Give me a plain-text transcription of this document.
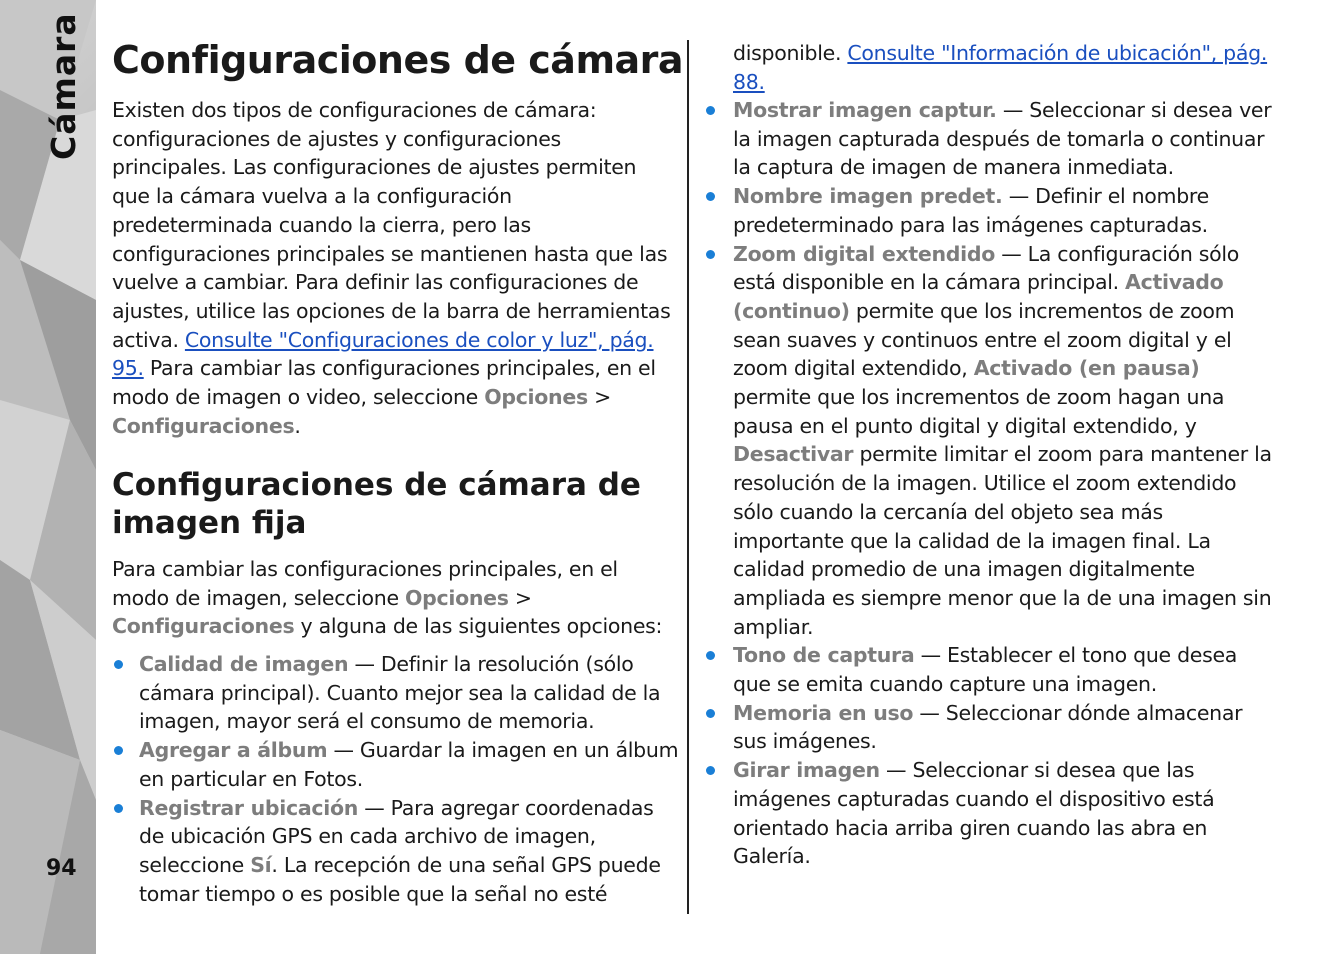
Cámara
94
Configuraciones de cámara

Existen dos tipos de configuraciones de cámara: configuraciones de ajustes y configuraciones principales. Las configuraciones de ajustes permiten que la cámara vuelva a la configuración predeterminada cuando la cierra, pero las configuraciones principales se mantienen hasta que las vuelve a cambiar. Para definir las configuraciones de ajustes, utilice las opciones de la barra de herramientas activa. Consulte "Configuraciones de color y luz", pág. 95. Para cambiar las configuraciones principales, en el modo de imagen o video, seleccione Opciones > Configuraciones.

Configuraciones de cámara de imagen fija

Para cambiar las configuraciones principales, en el modo de imagen, seleccione Opciones > Configuraciones y alguna de las siguientes opciones:

Calidad de imagen — Definir la resolución (sólo cámara principal). Cuanto mejor sea la calidad de la imagen, mayor será el consumo de memoria.
Agregar a álbum — Guardar la imagen en un álbum en particular en Fotos.
Registrar ubicación — Para agregar coordenadas de ubicación GPS en cada archivo de imagen, seleccione Sí. La recepción de una señal GPS puede tomar tiempo o es posible que la señal no esté

disponible. Consulte "Información de ubicación", pág. 88.

Mostrar imagen captur. — Seleccionar si desea ver la imagen capturada después de tomarla o continuar la captura de imagen de manera inmediata.
Nombre imagen predet. — Definir el nombre predeterminado para las imágenes capturadas.
Zoom digital extendido — La configuración sólo está disponible en la cámara principal. Activado (continuo) permite que los incrementos de zoom sean suaves y continuos entre el zoom digital y el zoom digital extendido, Activado (en pausa) permite que los incrementos de zoom hagan una pausa en el punto digital y digital extendido, y Desactivar permite limitar el zoom para mantener la resolución de la imagen. Utilice el zoom extendido sólo cuando la cercanía del objeto sea más importante que la calidad de la imagen final. La calidad promedio de una imagen digitalmente ampliada es siempre menor que la de una imagen sin ampliar.
Tono de captura — Establecer el tono que desea que se emita cuando capture una imagen.
Memoria en uso — Seleccionar dónde almacenar sus imágenes.
Girar imagen — Seleccionar si desea que las imágenes capturadas cuando el dispositivo está orientado hacia arriba giren cuando las abra en Galería.
